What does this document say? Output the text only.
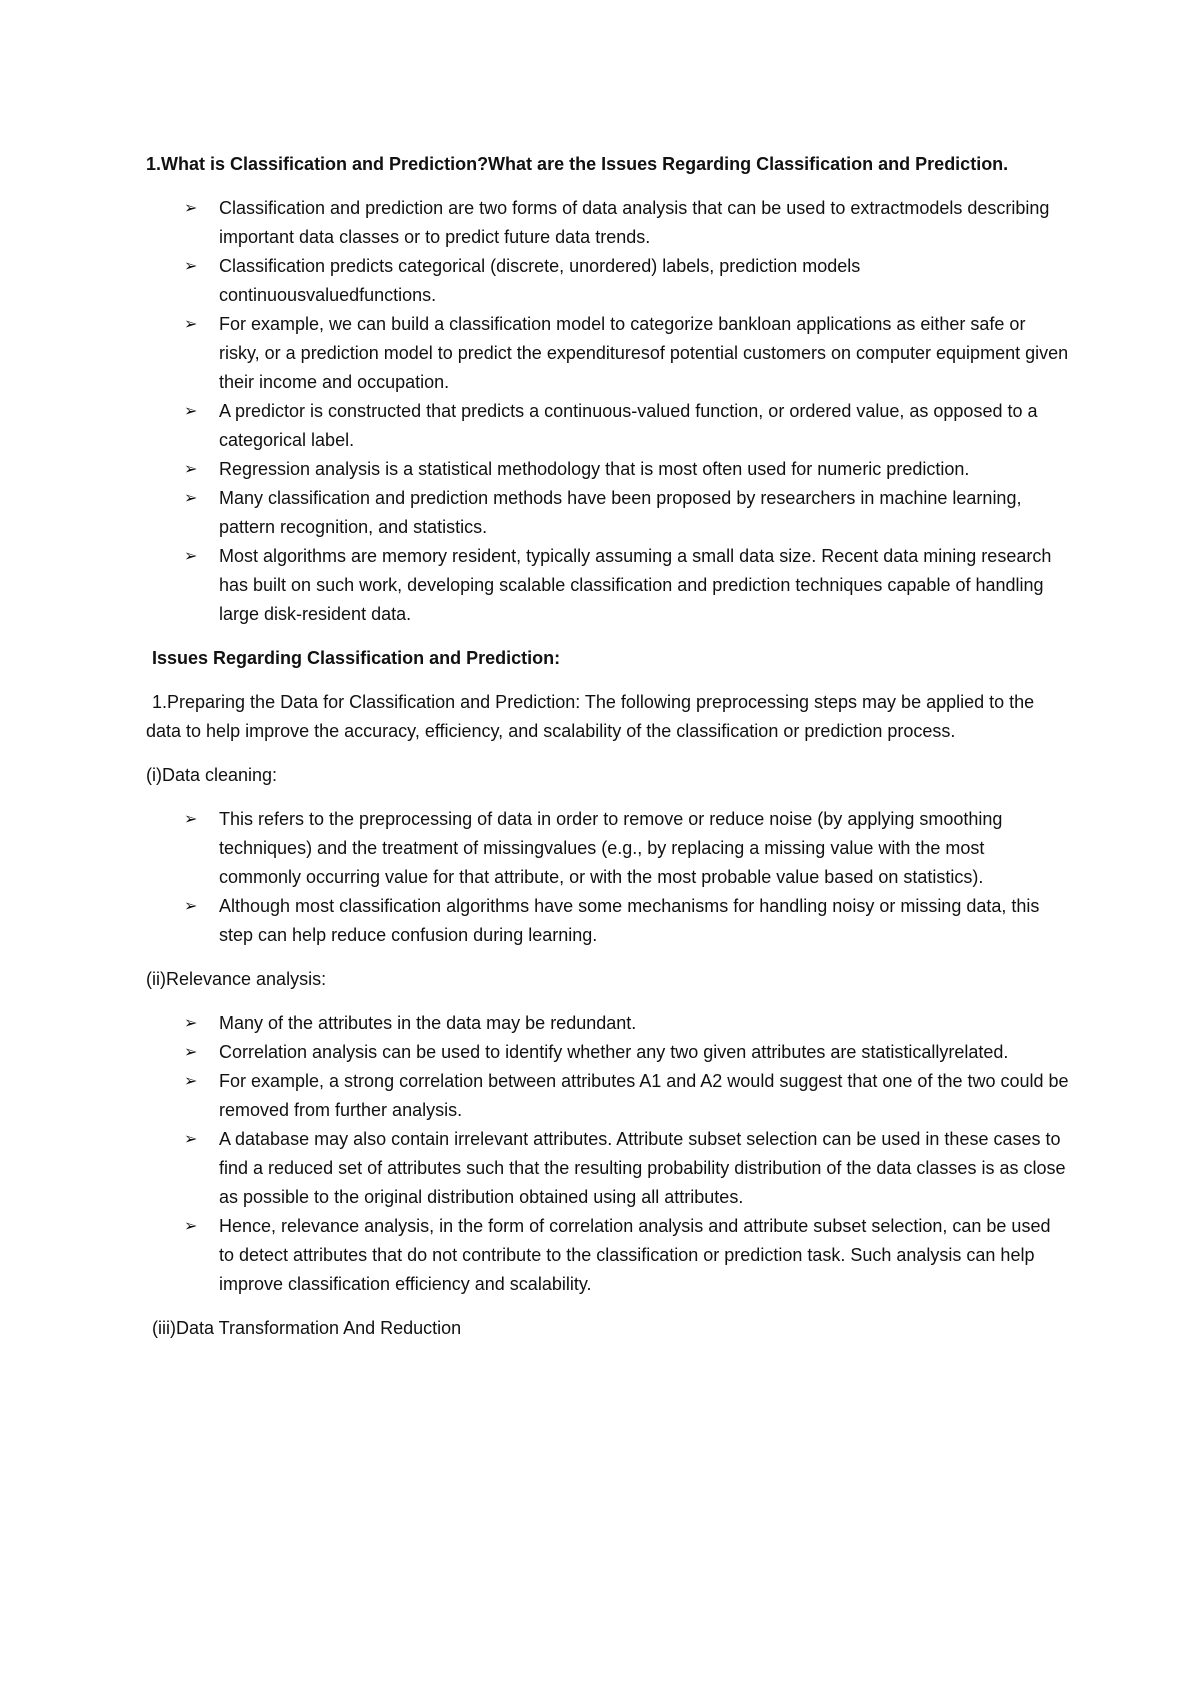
1.What is Classification and Prediction?What are the Issues Regarding Classification and Prediction.

➢ Classification and prediction are two forms of data analysis that can be used to extractmodels describing important data classes or to predict future data trends.
➢ Classification predicts categorical (discrete, unordered) labels, prediction models continuousvaluedfunctions.
➢ For example, we can build a classification model to categorize bankloan applications as either safe or risky, or a prediction model to predict the expendituresof potential customers on computer equipment given their income and occupation.
➢ A predictor is constructed that predicts a continuous-valued function, or ordered value, as opposed to a categorical label.
➢ Regression analysis is a statistical methodology that is most often used for numeric prediction.
➢ Many classification and prediction methods have been proposed by researchers in machine learning, pattern recognition, and statistics.
➢ Most algorithms are memory resident, typically assuming a small data size. Recent data mining research has built on such work, developing scalable classification and prediction techniques capable of handling large disk-resident data.

Issues Regarding Classification and Prediction:

1.Preparing the Data for Classification and Prediction: The following preprocessing steps may be applied to the data to help improve the accuracy, efficiency, and scalability of the classification or prediction process.

(i)Data cleaning:

➢ This refers to the preprocessing of data in order to remove or reduce noise (by applying smoothing techniques) and the treatment of missingvalues (e.g., by replacing a missing value with the most commonly occurring value for that attribute, or with the most probable value based on statistics).
➢ Although most classification algorithms have some mechanisms for handling noisy or missing data, this step can help reduce confusion during learning.

(ii)Relevance analysis:

➢ Many of the attributes in the data may be redundant.
➢ Correlation analysis can be used to identify whether any two given attributes are statisticallyrelated.
➢ For example, a strong correlation between attributes A1 and A2 would suggest that one of the two could be removed from further analysis.
➢ A database may also contain irrelevant attributes. Attribute subset selection can be used in these cases to find a reduced set of attributes such that the resulting probability distribution of the data classes is as close as possible to the original distribution obtained using all attributes.
➢ Hence, relevance analysis, in the form of correlation analysis and attribute subset selection, can be used to detect attributes that do not contribute to the classification or prediction task. Such analysis can help improve classification efficiency and scalability.

(iii)Data Transformation And Reduction
